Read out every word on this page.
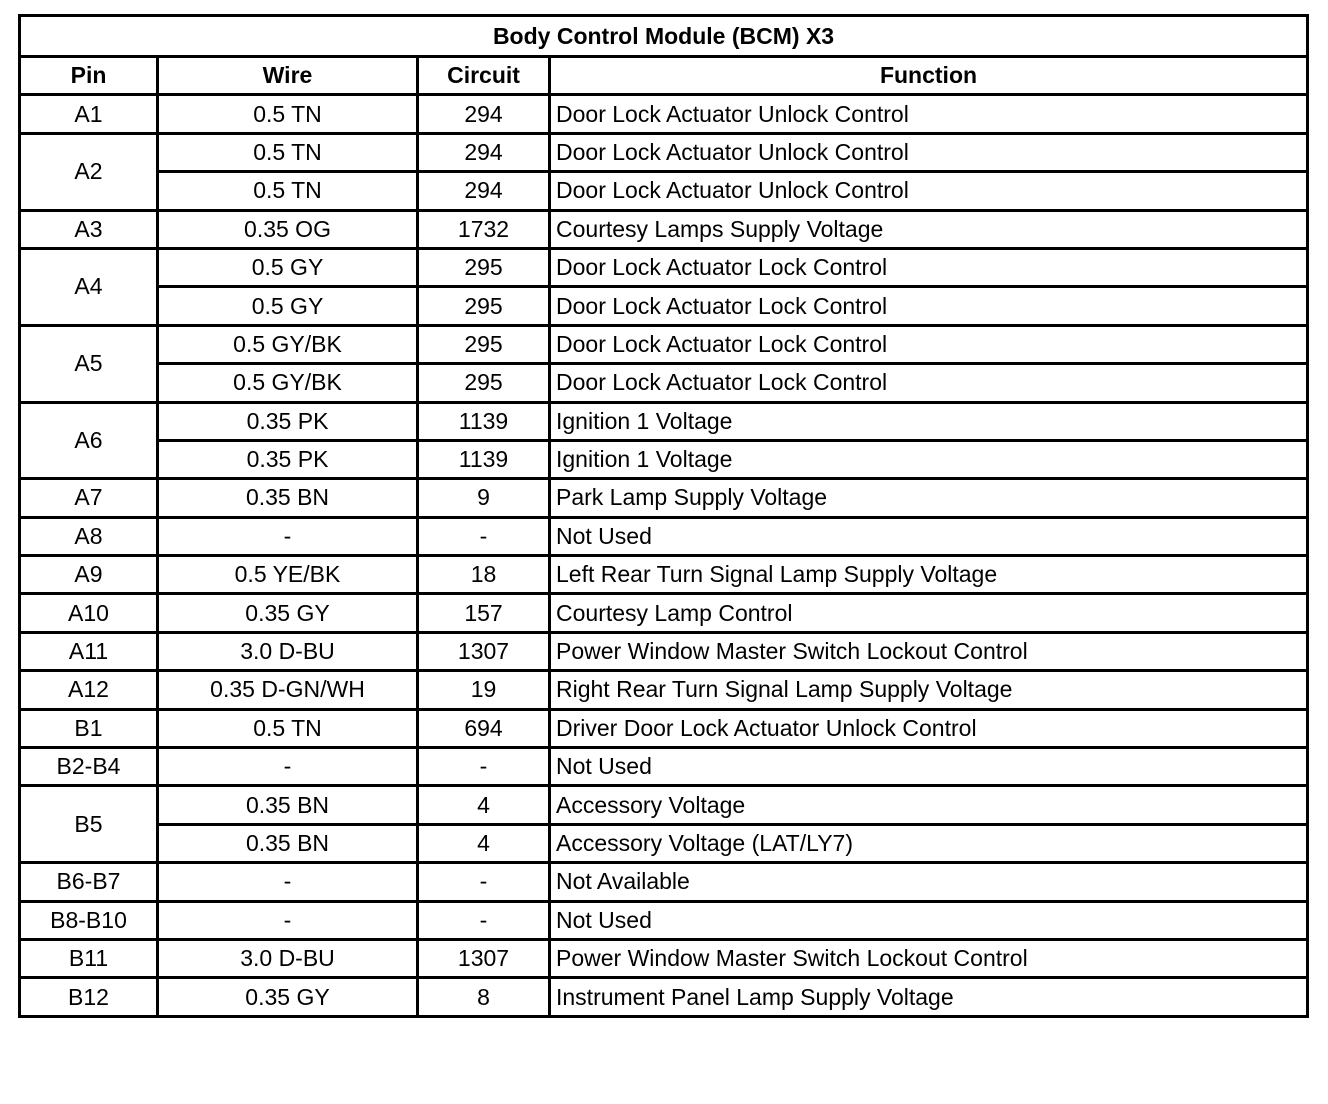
Body Control Module (BCM) X3			
Pin	Wire	Circuit	Function
A1	0.5 TN	294	Door Lock Actuator Unlock Control
A2	0.5 TN	294	Door Lock Actuator Unlock Control
	0.5 TN	294	Door Lock Actuator Unlock Control
A3	0.35 OG	1732	Courtesy Lamps Supply Voltage
A4	0.5 GY	295	Door Lock Actuator Lock Control
	0.5 GY	295	Door Lock Actuator Lock Control
A5	0.5 GY/BK	295	Door Lock Actuator Lock Control
	0.5 GY/BK	295	Door Lock Actuator Lock Control
A6	0.35 PK	1139	Ignition 1 Voltage
	0.35 PK	1139	Ignition 1 Voltage
A7	0.35 BN	9	Park Lamp Supply Voltage
A8	-	-	Not Used
A9	0.5 YE/BK	18	Left Rear Turn Signal Lamp Supply Voltage
A10	0.35 GY	157	Courtesy Lamp Control
A11	3.0 D-BU	1307	Power Window Master Switch Lockout Control
A12	0.35 D-GN/WH	19	Right Rear Turn Signal Lamp Supply Voltage
B1	0.5 TN	694	Driver Door Lock Actuator Unlock Control
B2-B4	-	-	Not Used
B5	0.35 BN	4	Accessory Voltage
	0.35 BN	4	Accessory Voltage (LAT/LY7)
B6-B7	-	-	Not Available
B8-B10	-	-	Not Used
B11	3.0 D-BU	1307	Power Window Master Switch Lockout Control
B12	0.35 GY	8	Instrument Panel Lamp Supply Voltage
